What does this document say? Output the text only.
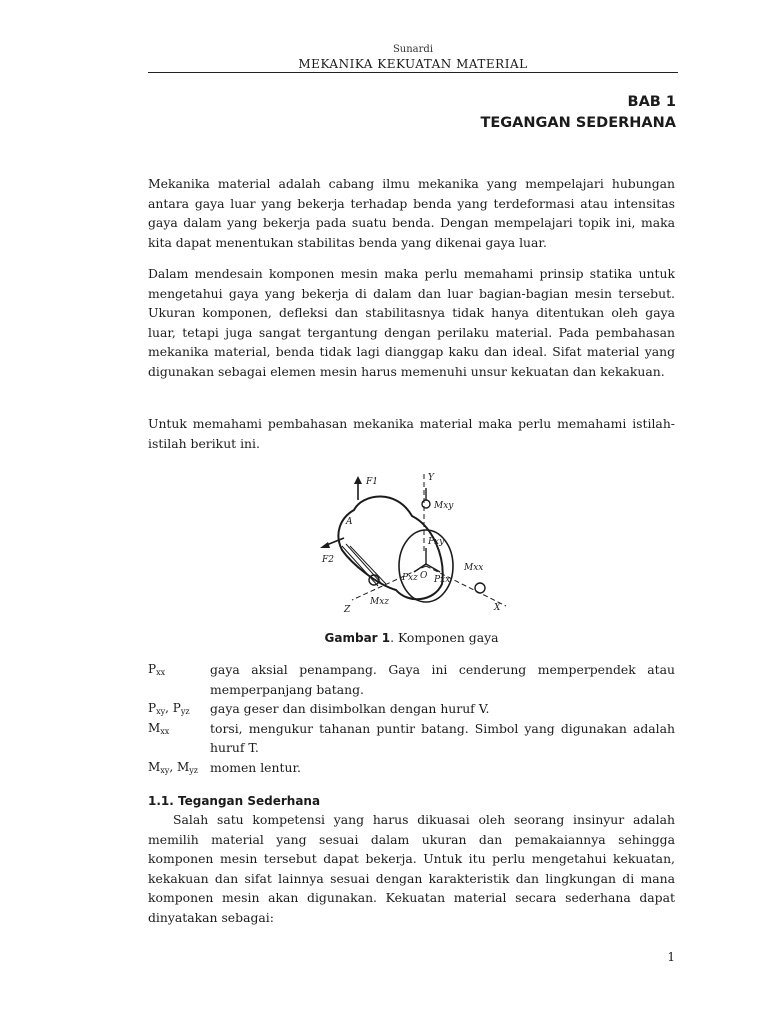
Sunardi
MEKANIKA KEKUATAN MATERIAL
BAB 1
TEGANGAN SEDERHANA

Mekanika material adalah cabang ilmu mekanika yang mempelajari hubungan antara gaya luar yang bekerja terhadap benda yang terdeformasi atau intensitas gaya dalam yang bekerja pada suatu benda. Dengan mempelajari topik ini, maka kita dapat menentukan stabilitas benda yang dikenai gaya luar.

Dalam mendesain komponen mesin maka perlu memahami prinsip statika untuk mengetahui gaya yang bekerja di dalam dan luar bagian-bagian mesin tersebut. Ukuran komponen, defleksi dan stabilitasnya tidak hanya ditentukan oleh gaya luar, tetapi juga sangat tergantung dengan perilaku material. Pada pembahasan mekanika material, benda tidak lagi dianggap kaku dan ideal. Sifat material yang digunakan sebagai elemen mesin harus memenuhi unsur kekuatan dan kekakuan.

Untuk memahami pembahasan mekanika material maka perlu memahami istilah-istilah berikut ini.

F1
F2
Y
X
Z
Mxy
Mxx
Mxz
Pxy
Pxz Pxx
O
A
Gambar 1. Komponen gaya
$P_{xx}$	gaya aksial penampang. Gaya ini cenderung memperpendek atau memperpanjang batang.
$P_{xy}$, $P_{yz}$	gaya geser dan disimbolkan dengan huruf V.
$M_{xx}$	torsi, mengukur tahanan puntir batang. Simbol yang digunakan adalah huruf T.
$M_{xy}$, $M_{yz}$ momen lentur.
1.1. Tegangan Sederhana

Salah satu kompetensi yang harus dikuasai oleh seorang insinyur adalah memilih material yang sesuai dalam ukuran dan pemakaiannya sehingga komponen mesin tersebut dapat bekerja. Untuk itu perlu mengetahui kekuatan, kekakuan dan sifat lainnya sesuai dengan karakteristik dan lingkungan di mana komponen mesin akan digunakan. Kekuatan material secara sederhana dapat dinyatakan sebagai:

1
